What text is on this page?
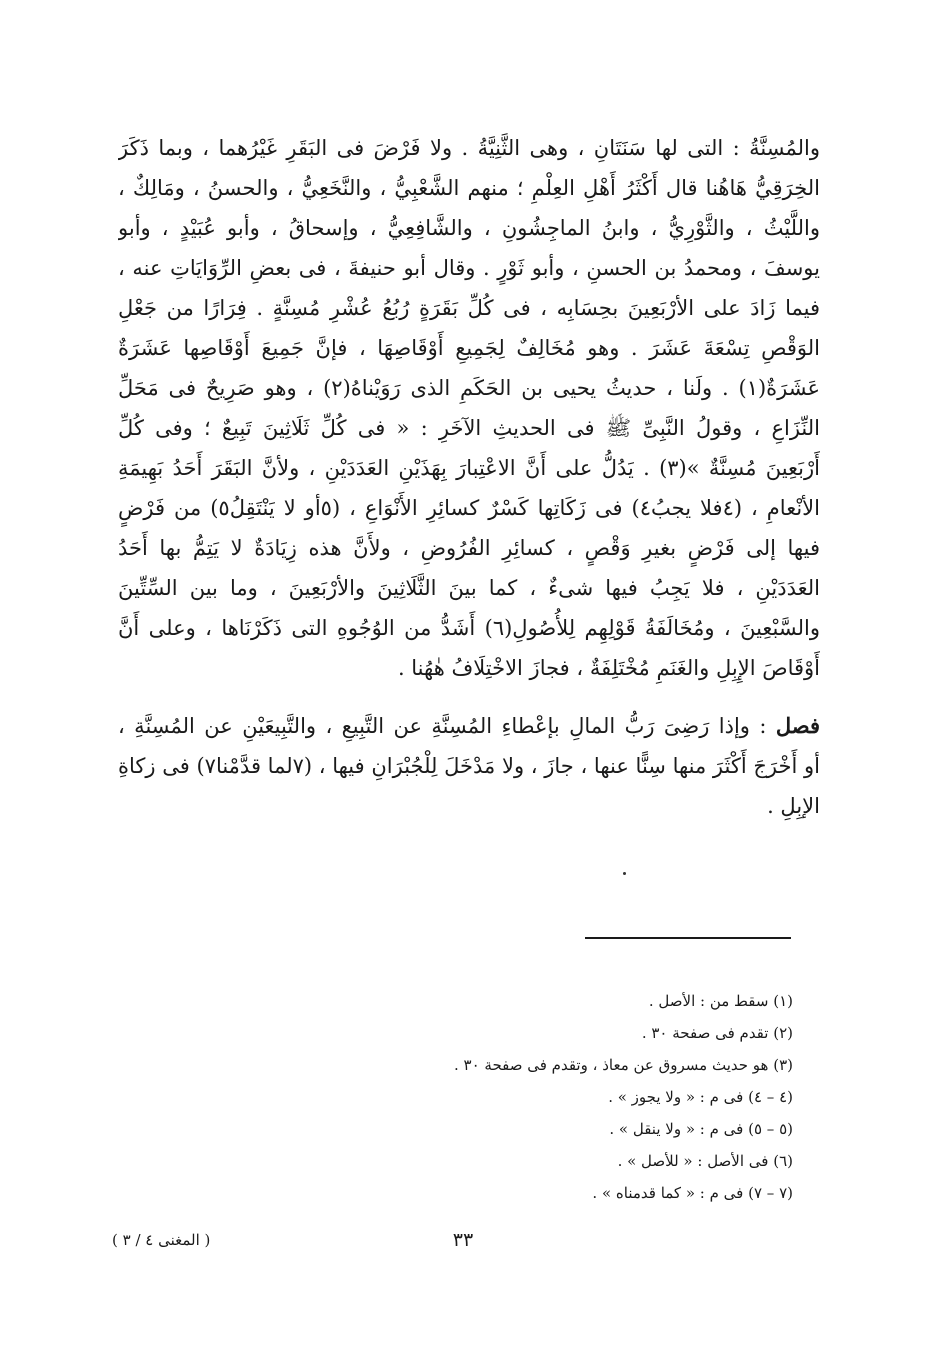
والمُسِنَّةُ : التى لها سَنَتَانِ ، وهى الثَّنِيَّةُ . ولا فَرْضَ فى البَقَرِ غَيْرُهما ، وبما ذَكَرَ
الخِرَقِيُّ هَاهُنا قال أَكْثَرُ أَهْلِ العِلْمِ ؛ منهم الشَّعْبِيُّ ، والنَّخَعِيُّ ، والحسنُ ، ومَالِكٌ ،
واللَّيْثُ ، والثَّوْرِيُّ ، وابنُ الماجِشُونِ ، والشَّافِعِيُّ ، وإسحاقُ ، وأبو عُبَيْدٍ ، وأبو
يوسفَ ، ومحمدُ بن الحسنِ ، وأبو ثَوْرٍ . وقال أبو حنيفةَ ، فى بعضِ الرِّوَايَاتِ عنه ،
فيما زَادَ على الأرْبَعِينَ بحِسَابِه ، فى كُلِّ بَقَرَةٍ رُبُعُ عُشْرِ مُسِنَّةٍ . فِرَارًا من جَعْلِ
الوَقْصِ تِسْعَةَ عَشَرَ . وهو مُخَالِفٌ لِجَمِيعِ أَوْقَاصِهَا ، فإنَّ جَمِيعَ أَوْقَاصِها عَشَرَةٌ
عَشَرَةٌ(١) . ولَنا ، حديثُ يحيى بن الحَكَمِ الذى رَوَيْناهُ(٢) ، وهو صَرِيحٌ فى مَحَلِّ
النِّزَاعِ ، وقولُ النَّبِىِّ ﷺ فى الحديثِ الآخَرِ : « فى كُلِّ ثَلَاثِينَ تَبِيعٌ ؛ وفى كُلِّ
أَرْبَعِينَ مُسِنَّةٌ »(٣) . يَدُلُّ على أَنَّ الاعْتِبارَ بِهَذَيْنِ العَدَدَيْنِ ، ولأنَّ البَقَرَ أَحَدُ بَهِيمَةِ
الأنْعامِ ، (٤فلا يجبُ٤) فى زَكَاتِها كَسْرٌ كسائِرِ الأَنْوَاعِ ، (٥أو لا يَنْتَقِلُ٥) من فَرْضٍ
فيها إلى فَرْضٍ بغيرِ وَقْصٍ ، كسائِرِ الفُرُوضِ ، ولأَنَّ هذه زِيَادَةٌ لا يَتِمُّ بها أَحَدُ
العَدَدَيْنِ ، فلا يَجِبُ فيها شىءٌ ، كما بينَ الثَّلَاثِينَ والأرْبَعِينَ ، وما بين السِّتِّينَ
والسَّبْعِينَ ، ومُخَالَفَةُ قَوْلِهِم لِلأُصُولِ(٦) أَشَدُّ من الوُجُوهِ التى ذَكَرْنَاها ، وعلى أَنَّ
أَوْقَاصَ الإِبِلِ والغَنَمِ مُخْتَلِفَةٌ ، فجازَ الاخْتِلَافُ هٰهُنا .
فصل : وإذا رَضِىَ رَبُّ المالِ بإعْطاءِ المُسِنَّةِ عن التَّبِيعِ ، والتَّبِيعَيْنِ عن المُسِنَّةِ ،
أو أَخْرَجَ أَكْثَرَ منها سِنًّا عنها ، جازَ ، ولا مَدْخَلَ لِلْجُبْرَانِ فيها ، (٧لما قدَّمْنا٧) فى زكاةِ
الإبِلِ .
(١) سقط من : الأصل .
(٢) تقدم فى صفحة ٣٠ .
(٣) هو حديث مسروق عن معاذ ، وتقدم فى صفحة ٣٠ .
(٤ – ٤) فى م : « ولا يجوز » .
(٥ – ٥) فى م : « ولا ينقل » .
(٦) فى الأصل : « للأصل » .
(٧ – ٧) فى م : « كما قدمناه » .
٣٣
( المغنى ٤ / ٣ )
